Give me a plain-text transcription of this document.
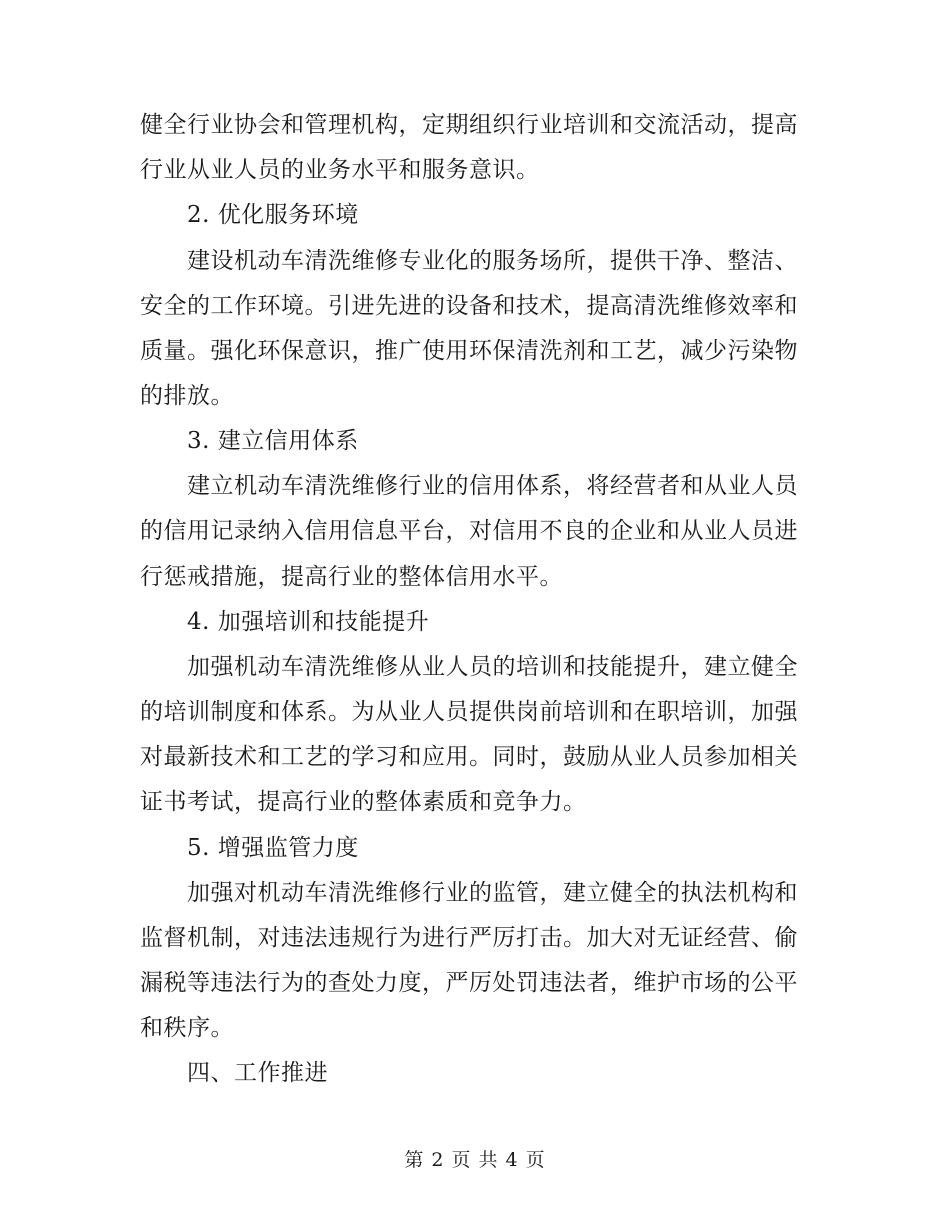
健全行业协会和管理机构，定期组织行业培训和交流活动，提高
行业从业人员的业务水平和服务意识。
2. 优化服务环境
建设机动车清洗维修专业化的服务场所，提供干净、整洁、
安全的工作环境。引进先进的设备和技术，提高清洗维修效率和
质量。强化环保意识，推广使用环保清洗剂和工艺，减少污染物
的排放。
3. 建立信用体系
建立机动车清洗维修行业的信用体系，将经营者和从业人员
的信用记录纳入信用信息平台，对信用不良的企业和从业人员进
行惩戒措施，提高行业的整体信用水平。
4. 加强培训和技能提升
加强机动车清洗维修从业人员的培训和技能提升，建立健全
的培训制度和体系。为从业人员提供岗前培训和在职培训，加强
对最新技术和工艺的学习和应用。同时，鼓励从业人员参加相关
证书考试，提高行业的整体素质和竞争力。
5. 增强监管力度
加强对机动车清洗维修行业的监管，建立健全的执法机构和
监督机制，对违法违规行为进行严厉打击。加大对无证经营、偷
漏税等违法行为的查处力度，严厉处罚违法者，维护市场的公平
和秩序。
四、工作推进
第 2 页 共 4 页
